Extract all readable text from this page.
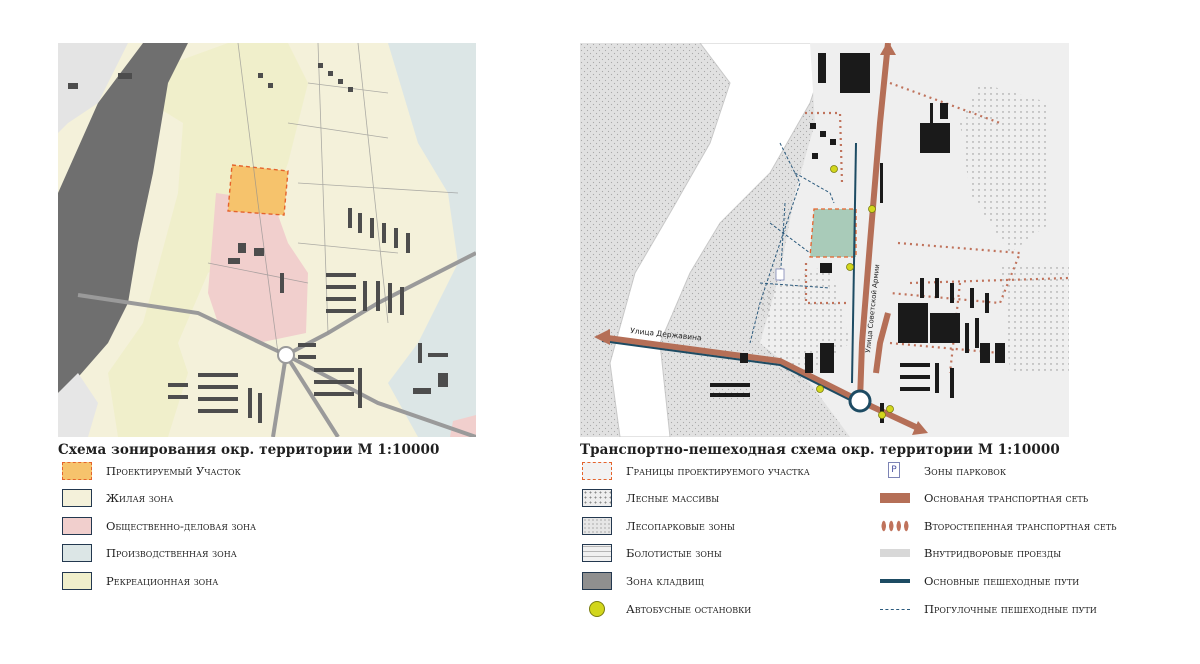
Улица Державина	Улица Советской Армии
Схема зонирования окр. территории М 1:10000	Транспортно-пешеходная схема окр. территории М 1:10000
Проектируемый Участок
Жилая зона
Общественно-деловая зона
Производственная зона
Рекреационная зона
Границы проектируемого участка
Лесные массивы
Лесопарковые зоны
Болотистые зоны
Зона кладвищ
Автобусные остановки
P Зоны парковок
Основаная транспортная сеть
Второстепенная транспортная сеть
Внутридворовые проезды
Основные пешеходные пути
Прогулочные пешеходные пути
